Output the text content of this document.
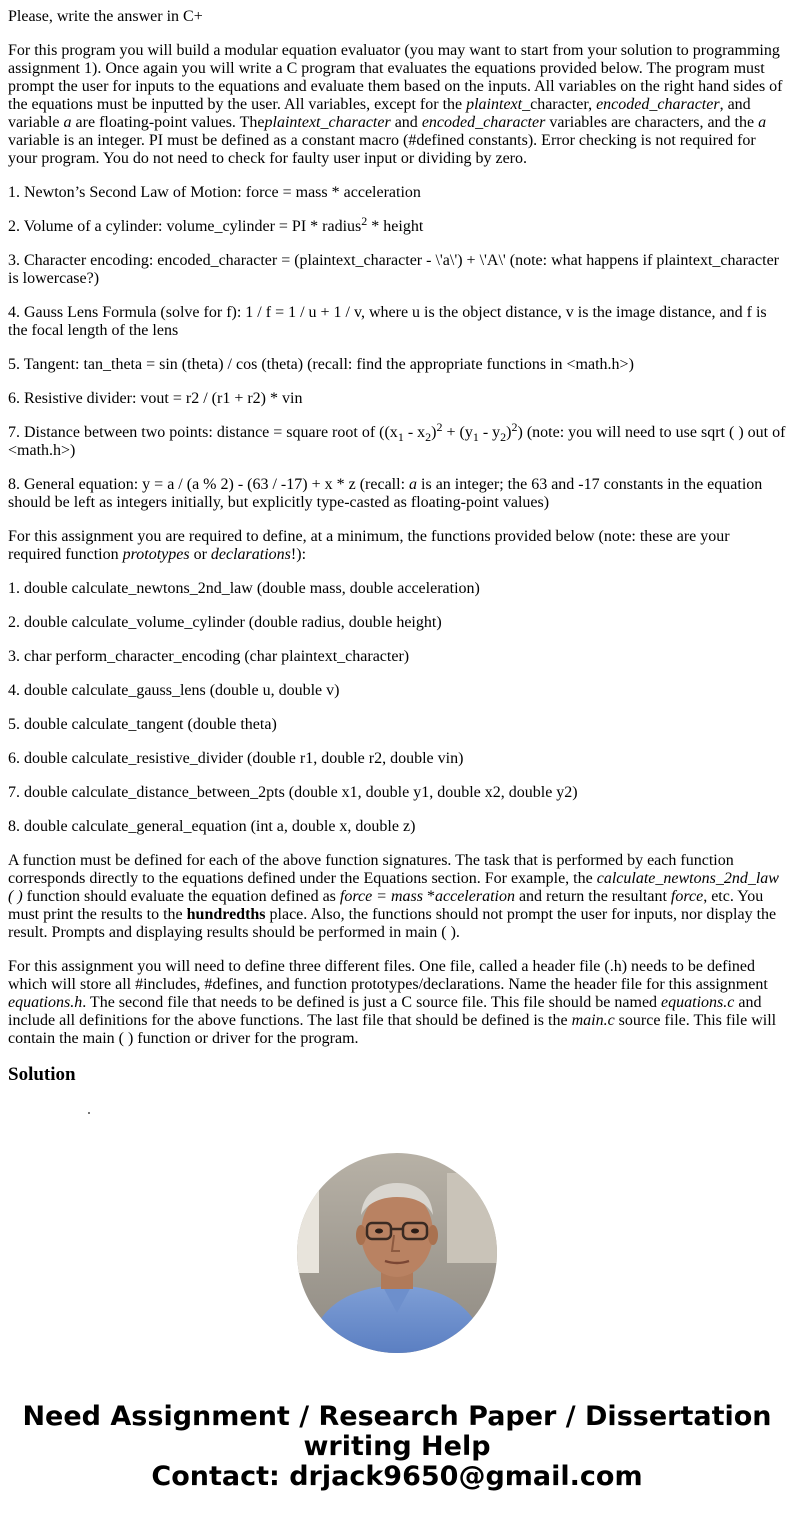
Please, write the answer in C+

For this program you will build a modular equation evaluator (you may want to start from your solution to programming assignment 1). Once again you will write a C program that evaluates the equations provided below. The program must prompt the user for inputs to the equations and evaluate them based on the inputs. All variables on the right hand sides of the equations must be inputted by the user. All variables, except for the plaintext_character, encoded_character, and variable a are floating-point values. Theplaintext_character and encoded_character variables are characters, and the a variable is an integer. PI must be defined as a constant macro (#defined constants). Error checking is not required for your program. You do not need to check for faulty user input or dividing by zero.

1. Newton’s Second Law of Motion: force = mass * acceleration

2. Volume of a cylinder: volume_cylinder = PI * radius$^2$ * height

3. Character encoding: encoded_character = (plaintext_character - \'a\') + \'A\' (note: what happens if plaintext_character is lowercase?)

4. Gauss Lens Formula (solve for f): 1 / f = 1 / u + 1 / v, where u is the object distance, v is the image distance, and f is the focal length of the lens

5. Tangent: tan_theta = sin (theta) / cos (theta) (recall: find the appropriate functions in <math.h>)

6. Resistive divider: vout = r2 / (r1 + r2) * vin

7. Distance between two points: distance = square root of $((x_1 - x_2)^2 + (y_1 - y_2)^2)$ (note: you will need to use sqrt ( ) out of <math.h>)

8. General equation: y = a / (a % 2) - (63 / -17) + x * z (recall: a is an integer; the 63 and -17 constants in the equation should be left as integers initially, but explicitly type-casted as floating-point values)

For this assignment you are required to define, at a minimum, the functions provided below (note: these are your required function prototypes or declarations!):

1. double calculate_newtons_2nd_law (double mass, double acceleration)

2. double calculate_volume_cylinder (double radius, double height)

3. char perform_character_encoding (char plaintext_character)

4. double calculate_gauss_lens (double u, double v)

5. double calculate_tangent (double theta)

6. double calculate_resistive_divider (double r1, double r2, double vin)

7. double calculate_distance_between_2pts (double x1, double y1, double x2, double y2)

8. double calculate_general_equation (int a, double x, double z)

A function must be defined for each of the above function signatures. The task that is performed by each function corresponds directly to the equations defined under the Equations section. For example, the calculate_newtons_2nd_law ( ) function should evaluate the equation defined as force = mass *acceleration and return the resultant force, etc. You must print the results to the hundredths place. Also, the functions should not prompt the user for inputs, nor display the result. Prompts and displaying results should be performed in main ( ).

For this assignment you will need to define three different files. One file, called a header file (.h) needs to be defined which will store all #includes, #defines, and function prototypes/declarations. Name the header file for this assignment equations.h. The second file that needs to be defined is just a C source file. This file should be named equations.c and include all definitions for the above functions. The last file that should be defined is the main.c source file. This file will contain the main ( ) function or driver for the program.

Solution
Need Assignment / Research Paper / Dissertation writing Help
Contact: drjack9650@gmail.com
